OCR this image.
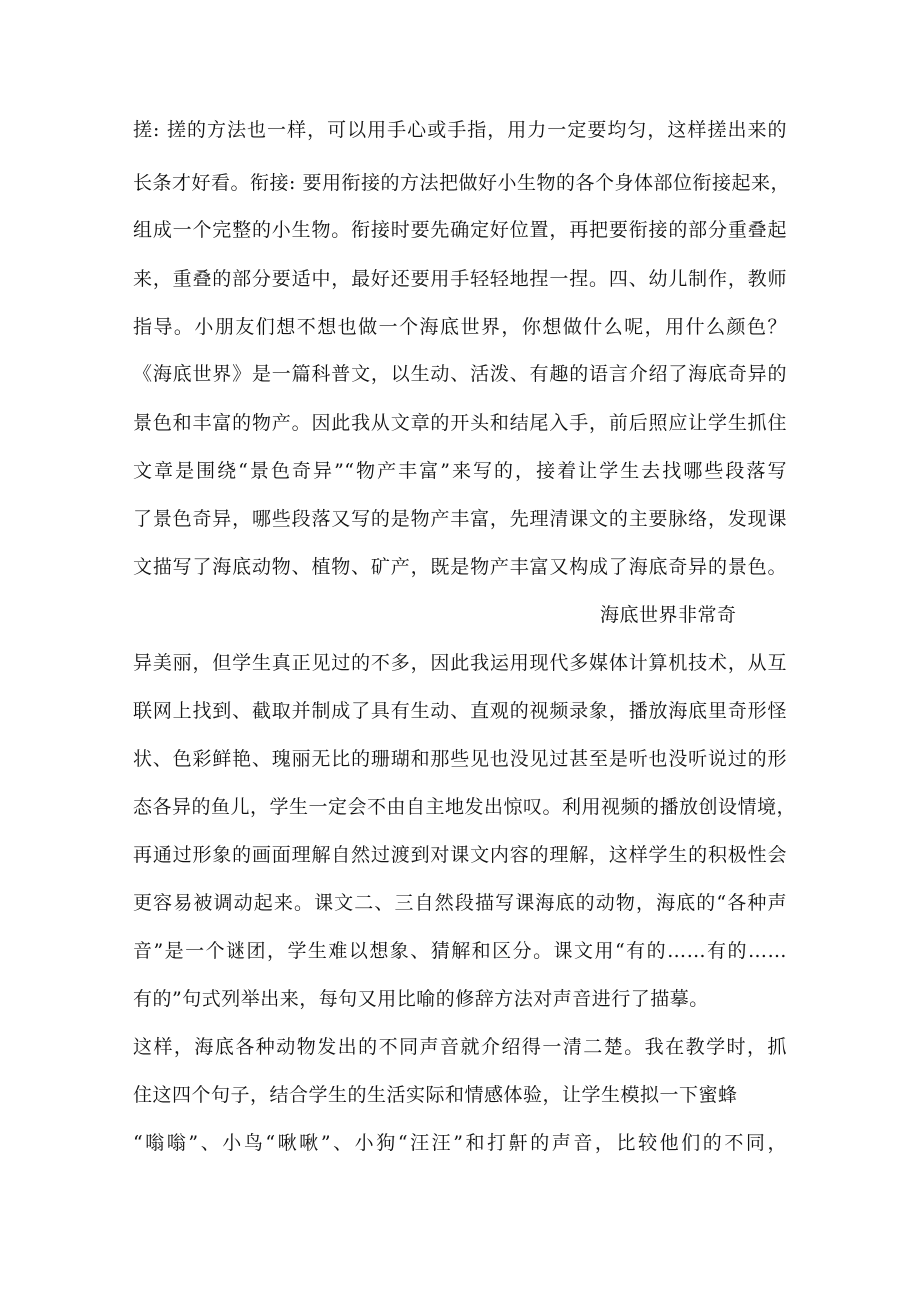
搓: 搓的方法也一样，可以用手心或手指，用力一定要均匀，这样搓出来的
长条才好看。衔接: 要用衔接的方法把做好小生物的各个身体部位衔接起来，
组成一个完整的小生物。衔接时要先确定好位置，再把要衔接的部分重叠起
来，重叠的部分要适中，最好还要用手轻轻地捏一捏。四、幼儿制作，教师
指导。小朋友们想不想也做一个海底世界，你想做什么呢，用什么颜色？
《海底世界》是一篇科普文，以生动、活泼、有趣的语言介绍了海底奇异的
景色和丰富的物产。因此我从文章的开头和结尾入手，前后照应让学生抓住
文章是围绕“景色奇异”“物产丰富”来写的，接着让学生去找哪些段落写
了景色奇异，哪些段落又写的是物产丰富，先理清课文的主要脉络，发现课
文描写了海底动物、植物、矿产，既是物产丰富又构成了海底奇异的景色。
海底世界非常奇
异美丽，但学生真正见过的不多，因此我运用现代多媒体计算机技术，从互
联网上找到、截取并制成了具有生动、直观的视频录象，播放海底里奇形怪
状、色彩鲜艳、瑰丽无比的珊瑚和那些见也没见过甚至是听也没听说过的形
态各异的鱼儿，学生一定会不由自主地发出惊叹。利用视频的播放创设情境，
再通过形象的画面理解自然过渡到对课文内容的理解，这样学生的积极性会
更容易被调动起来。课文二、三自然段描写课海底的动物，海底的“各种声
音”是一个谜团，学生难以想象、猜解和区分。课文用“有的……有的……
有的”句式列举出来，每句又用比喻的修辞方法对声音进行了描摹。
这样，海底各种动物发出的不同声音就介绍得一清二楚。我在教学时，抓
住这四个句子，结合学生的生活实际和情感体验，让学生模拟一下蜜蜂
“嗡嗡”、小鸟“啾啾”、小狗“汪汪”和打鼾的声音，比较他们的不同，
